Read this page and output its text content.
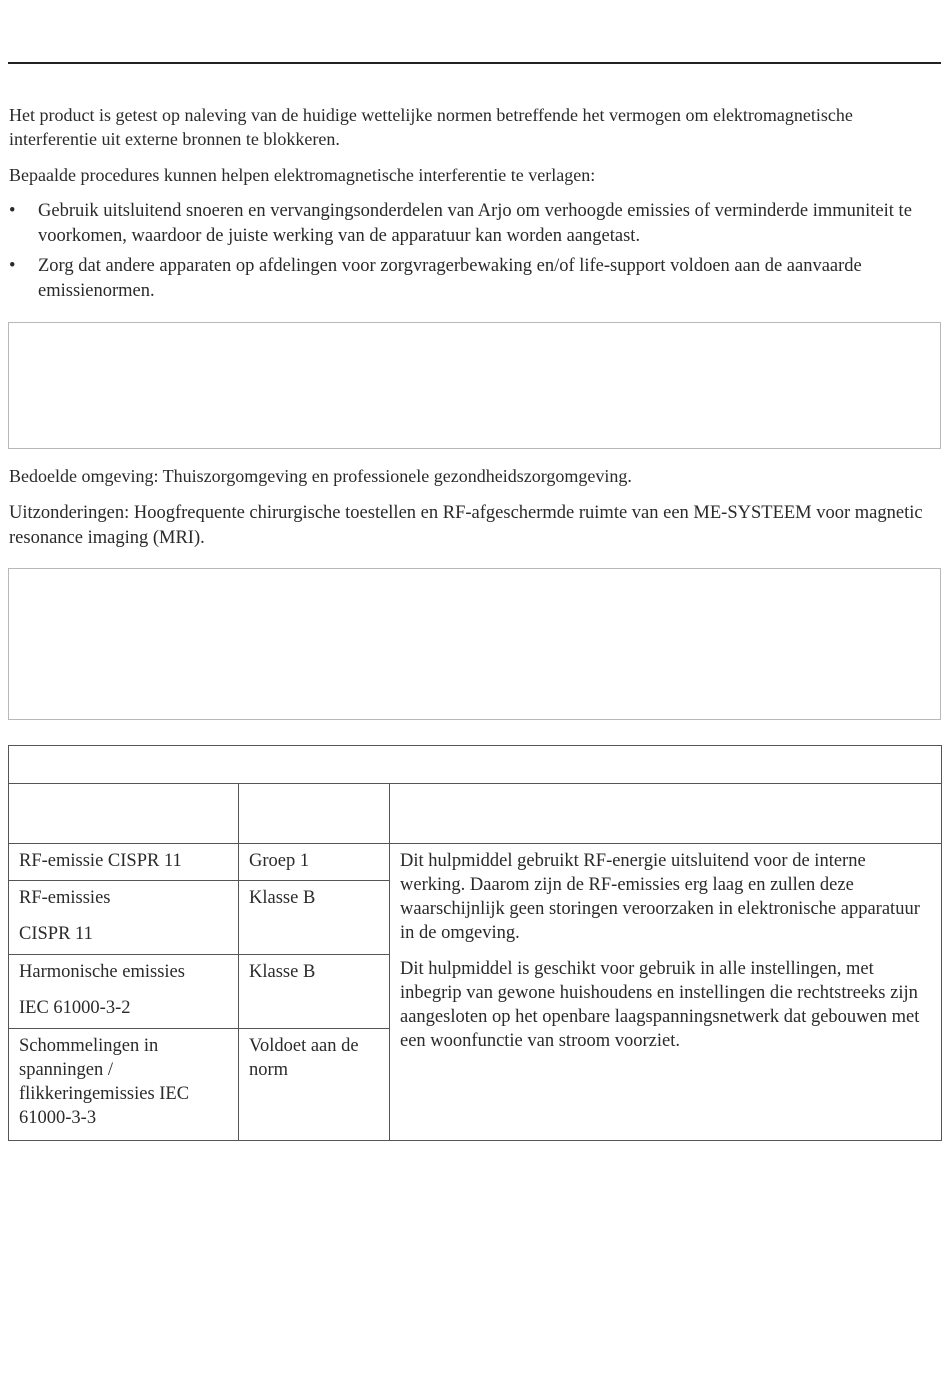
Het product is getest op naleving van de huidige wettelijke normen betreffende het vermogen om elektromagnetische interferentie uit externe bronnen te blokkeren.

Bepaalde procedures kunnen helpen elektromagnetische interferentie te verlagen:

• Gebruik uitsluitend snoeren en vervangingsonderdelen van Arjo om verhoogde emissies of verminderde immuniteit te voorkomen, waardoor de juiste werking van de apparatuur kan worden aangetast.
• Zorg dat andere apparaten op afdelingen voor zorgvragerbewaking en/of life-support voldoen aan de aanvaarde emissienormen.

Bedoelde omgeving: Thuiszorgomgeving en professionele gezondheidszorgomgeving.

Uitzonderingen: Hoogfrequente chirurgische toestellen en RF-afgeschermde ruimte van een ME-SYSTEEM voor magnetic resonance imaging (MRI).

RF-emissie CISPR 11	Groep 1	Dit hulpmiddel gebruikt RF-energie uitsluitend voor de interne werking. Daarom zijn de RF-emissies erg laag en zullen deze waarschijnlijk geen storingen veroorzaken in elektronische apparatuur in de omgeving.

Dit hulpmiddel is geschikt voor gebruik in alle instellingen, met inbegrip van gewone huishoudens en instellingen die rechtstreeks zijn aangesloten op het openbare laagspanningsnetwerk dat gebouwen met een woonfunctie van stroom voorziet.

RF-emissies

CISPR 11	Klasse B	

Harmonische emissies

IEC 61000-3-2	Klasse B	

Schommelingen in spanningen / flikkeringemissies IEC 61000-3-3	Voldoet aan de norm	
